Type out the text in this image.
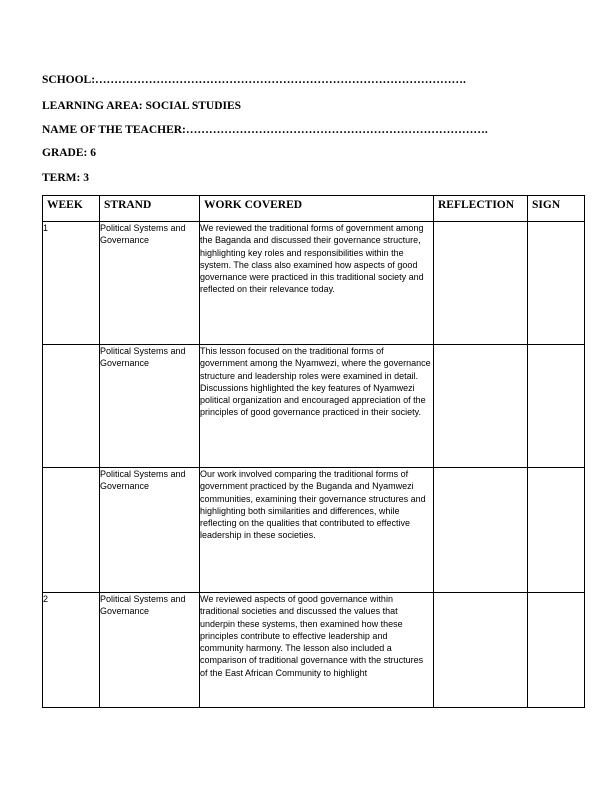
SCHOOL:…………………………………………………………………………………….

LEARNING AREA: SOCIAL STUDIES

NAME OF THE TEACHER:…………………………………………………………………….

GRADE: 6

TERM: 3

WEEK	STRAND	WORK COVERED	REFLECTION	SIGN
1	Political Systems and Governance	We reviewed the traditional forms of government among the Baganda and discussed their governance structure, highlighting key roles and responsibilities within the system. The class also examined how aspects of good governance were practiced in this traditional society and reflected on their relevance today.		
	Political Systems and Governance	This lesson focused on the traditional forms of government among the Nyamwezi, where the governance structure and leadership roles were examined in detail. Discussions highlighted the key features of Nyamwezi political organization and encouraged appreciation of the principles of good governance practiced in their society.		
	Political Systems and Governance	Our work involved comparing the traditional forms of government practiced by the Buganda and Nyamwezi communities, examining their governance structures and highlighting both similarities and differences, while reflecting on the qualities that contributed to effective leadership in these societies.		
2	Political Systems and Governance	We reviewed aspects of good governance within traditional societies and discussed the values that underpin these systems, then examined how these principles contribute to effective leadership and community harmony. The lesson also included a comparison of traditional governance with the structures of the East African Community to highlight		
